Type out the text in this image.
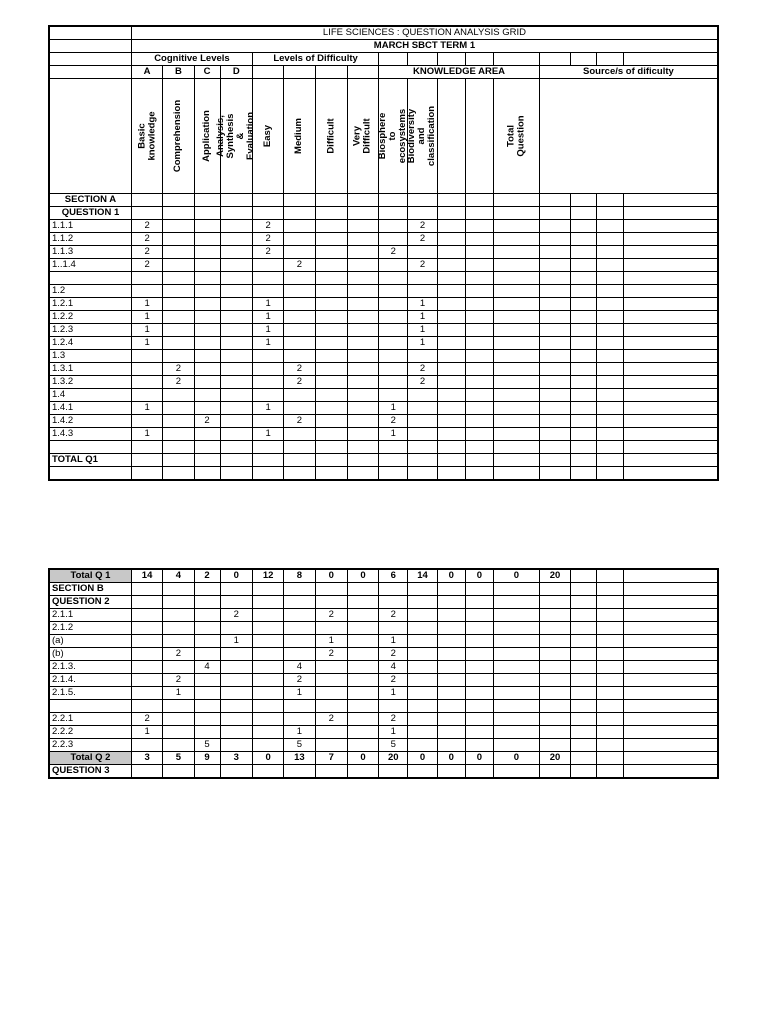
	LIFE SCIENCES : QUESTION ANALYSIS GRID																
	MARCH SBCT TERM 1																
	Cognitive Levels				Levels of Difficulty												
	A	B	C	D					KNOWLEDGE AREA					Source/s of dificulty			

	Basic knowledge	Comprehension	Application	Analysis, Synthesis & Evaluation	Easy	Medium	Difficult	Very Difficult	Biosphere to ecosystems	Biodiversity and classification			Total Question				

SECTION A																	
QUESTION 1																	
1.1.1	2				2					2							
1.1.2	2				2					2							
1.1.3	2				2				2								
1..1.4	2					2				2							

1.2																	
1.2.1	1				1					1							
1.2.2	1				1					1							
1.2.3	1				1					1							
1.2.4	1				1					1							
1.3																	
1.3.1		2				2				2							
1.3.2		2				2				2							
1.4																	
1.4.1	1				1				1								
1.4.2			2			2			2								
1.4.3	1				1				1								

TOTAL Q1																	

Total Q 1	14	4	2	0	12	8	0	0	6	14	0	0	0	20			
SECTION B																	
QUESTION 2																	
2.1.1				2			2		2								
2.1.2																	
(a)				1			1		1								
(b)		2					2		2								
2.1.3.			4			4			4								
2.1.4.		2				2			2								
2.1.5.		1				1			1								

2.2.1	2						2		2								
2.2.2	1					1			1								
2.2.3			5			5			5								
Total Q 2	3	5	9	3	0	13	7	0	20	0	0	0	0	20			
QUESTION 3																	
